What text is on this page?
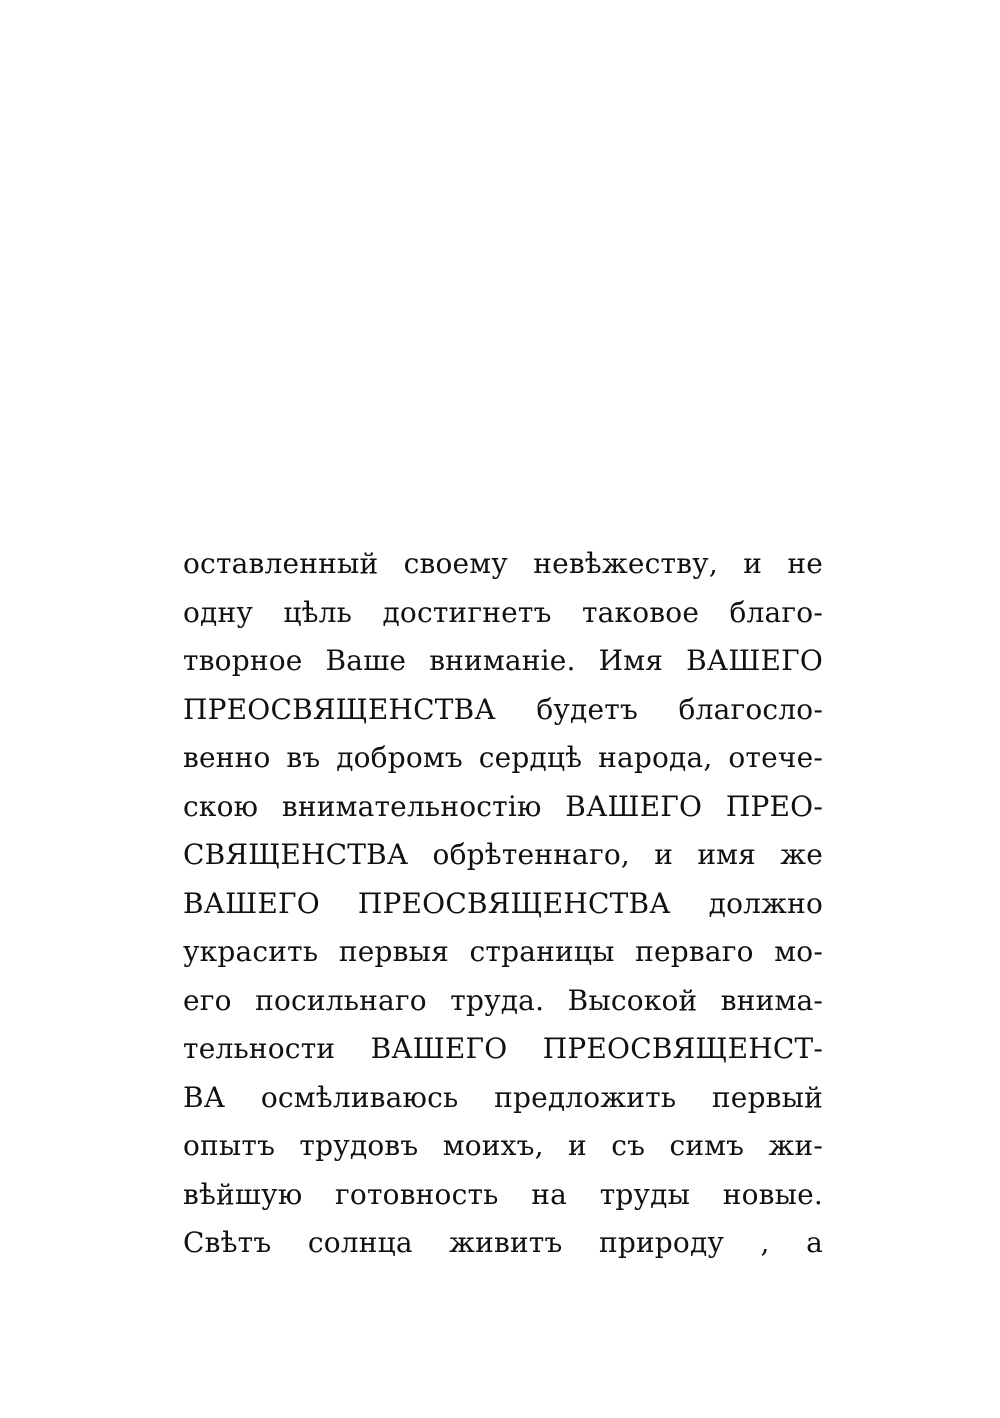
оставленный своему невѣжеству, и не
одну цѣль достигнетъ таковое благо-
творное Ваше вниманіе. Имя ВАШЕГО
ПРЕОСВЯЩЕНСТВА будетъ благосло-
венно въ добромъ сердцѣ народа, отече-
скою внимательностію ВАШЕГО ПРЕО-
СВЯЩЕНСТВА обрѣтеннаго, и имя же
ВАШЕГО ПРЕОСВЯЩЕНСТВА должно
украсить первыя страницы перваго мо-
его посильнаго труда. Высокой внима-
тельности ВАШЕГО ПРЕОСВЯЩЕНСТ-
ВА осмѣливаюсь предложить первый
опытъ трудовъ моихъ, и съ симъ жи-
вѣйшую готовность на труды новые.
Свѣтъ солнца живитъ природу , а
